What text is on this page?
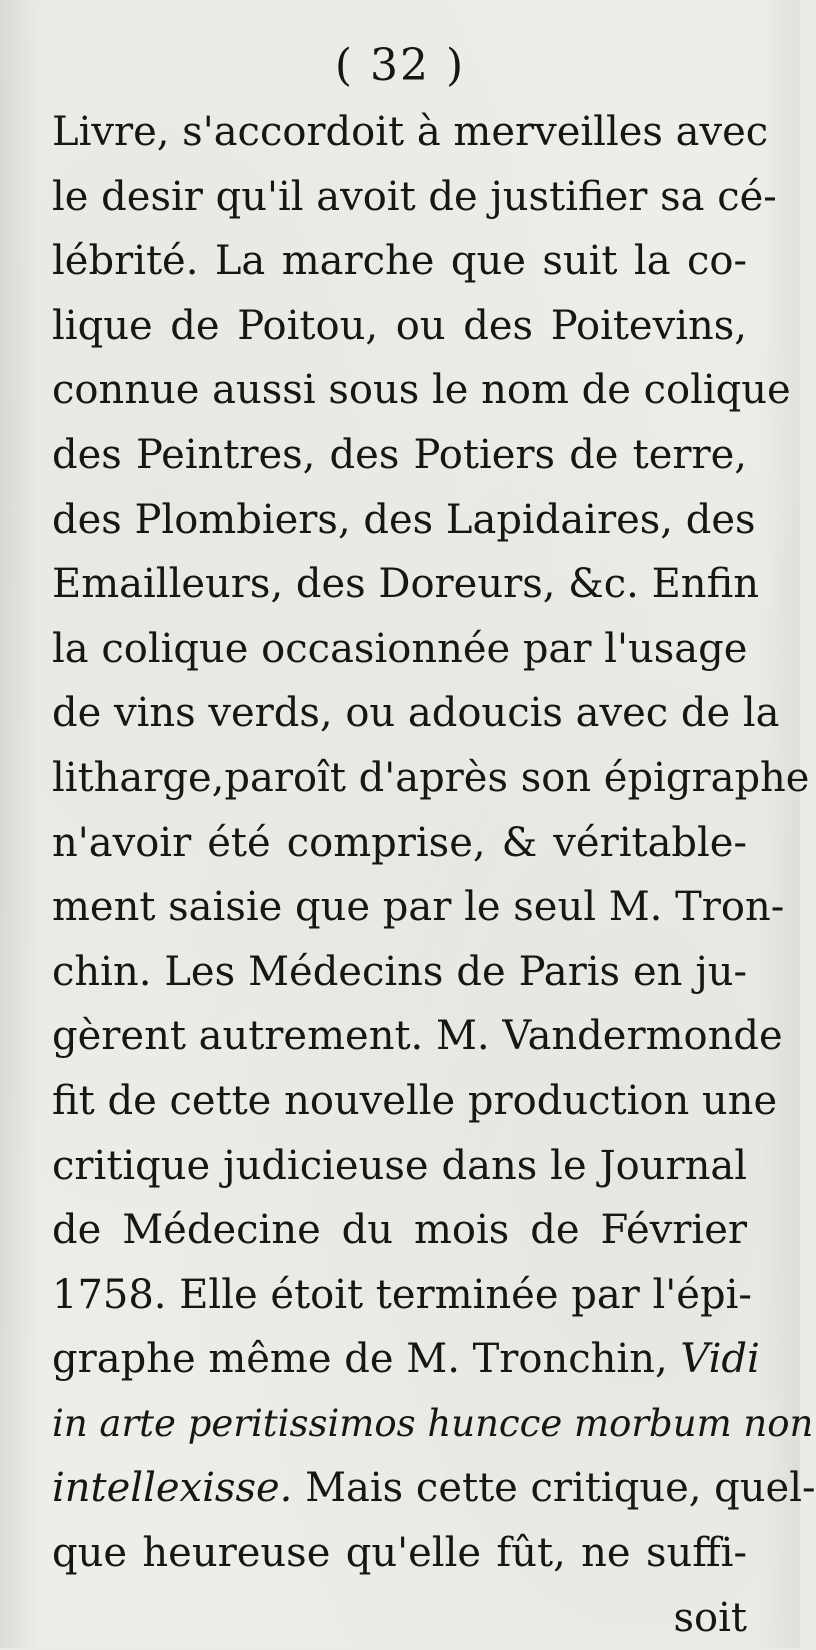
( 32 )
Livre, s'accordoit à merveilles avec
le desir qu'il avoit de justifier sa cé-
lébrité. La marche que suit la co-
lique de Poitou, ou des Poitevins,
connue aussi sous le nom de colique
des Peintres, des Potiers de terre,
des Plombiers, des Lapidaires, des
Emailleurs, des Doreurs, &c. Enfin
la colique occasionnée par l'usage
de vins verds, ou adoucis avec de la
litharge,paroît d'après son épigraphe
n'avoir été comprise, & véritable-
ment saisie que par le seul M. Tron-
chin. Les Médecins de Paris en ju-
gèrent autrement. M. Vandermonde
fit de cette nouvelle production une
critique judicieuse dans le Journal
de Médecine du mois de Février
1758. Elle étoit terminée par l'épi-
graphe même de M. Tronchin, Vidi
in arte peritissimos huncce morbum non
intellexisse. Mais cette critique, quel-
que heureuse qu'elle fût, ne suffi-
soit
